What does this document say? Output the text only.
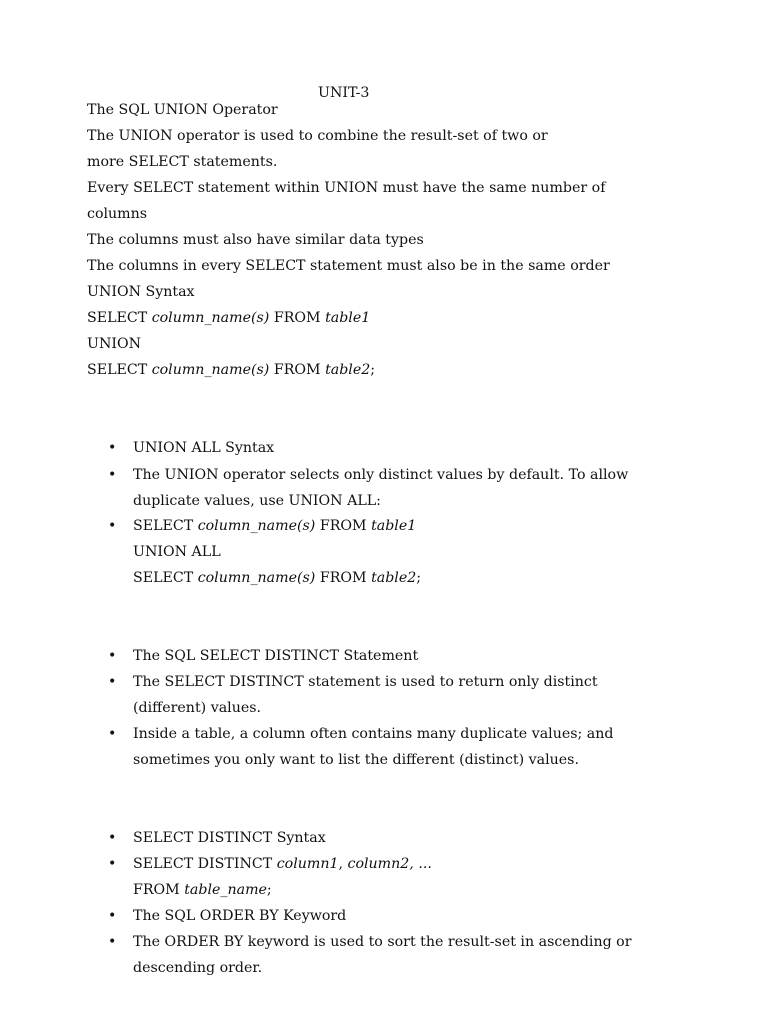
UNIT-3
The SQL UNION Operator
The UNION operator is used to combine the result-set of two or
more SELECT statements.
Every SELECT statement within UNION must have the same number of
columns
The columns must also have similar data types
The columns in every SELECT statement must also be in the same order
UNION Syntax
SELECT column_name(s) FROM table1
UNION
SELECT column_name(s) FROM table2;
• UNION ALL Syntax
• The UNION operator selects only distinct values by default. To allow
duplicate values, use UNION ALL:
• SELECT column_name(s) FROM table1
UNION ALL
SELECT column_name(s) FROM table2;
• The SQL SELECT DISTINCT Statement
• The SELECT DISTINCT statement is used to return only distinct
(different) values.
• Inside a table, a column often contains many duplicate values; and
sometimes you only want to list the different (distinct) values.
• SELECT DISTINCT Syntax
• SELECT DISTINCT column1, column2, ...
FROM table_name;
• The SQL ORDER BY Keyword
• The ORDER BY keyword is used to sort the result-set in ascending or
descending order.
